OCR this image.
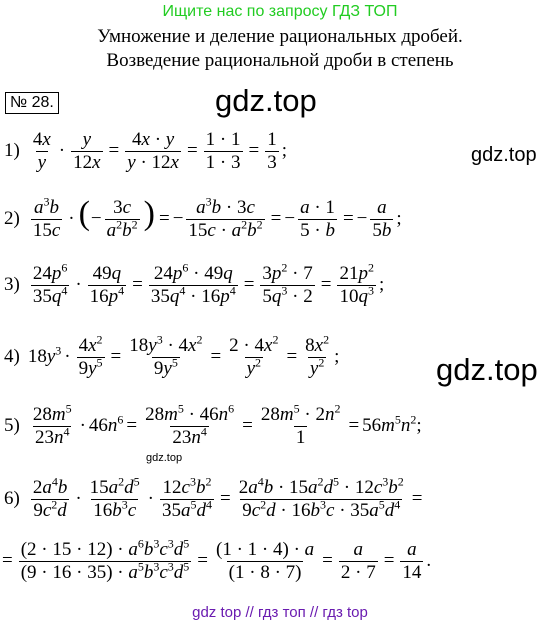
Ищите нас по запросу ГДЗ ТОП
Умножение и деление рациональных дробей.
Возведение рациональной дроби в степень
№ 28.	gdz.top
gdz.top
gdz.top
gdz.top
$1) \frac{4x}{y} \cdot \frac{y}{12x} = \frac{4x \cdot y}{y \cdot 12x} = \frac{1 \cdot 1}{1 \cdot 3} = \frac{1}{3}$ ;
$2) \frac{a^3b}{15c}$ · (− $\frac{3c}{a^2b^2}$ ) = − $\frac{a^3b \cdot 3c}{15c \cdot a^2b^2}$ = − $\frac{a \cdot 1}{5 \cdot b}$ = − $\frac{a}{5b}$ ;
$3) \frac{24p^6}{35q^4} \cdot \frac{49q}{16p^4} = \frac{24p^6 \cdot 49q}{35q^4 \cdot 16p^4} = \frac{3p^2 \cdot 7}{5q^3 \cdot 2} = \frac{21p^2}{10q^3}$ ;
4) $18y^3 \cdot \frac{4x^2}{9y^5} = \frac{18y^3 \cdot 4x^2}{9y^5} = \frac{2 \cdot 4x^2}{y^2} = \frac{8x^2}{y^2}$ ;
$5) \frac{28m^5}{23n^4} \cdot 46n^6 = \frac{28m^5 \cdot 46n^6}{23n^4} = \frac{28m^5 \cdot 2n^2}{1} = 56m^5n^2$;
$6) \frac{2a^4b}{9c^2d} \cdot \frac{15a^2d^5}{16b^3c} \cdot \frac{12c^3b^2}{35a^5d^4} = \frac{2a^4b \cdot 15a^2d^5 \cdot 12c^3b^2}{9c^2d \cdot 16b^3c \cdot 35a^5d^4}$ =
= $\frac{(2 \cdot 15 \cdot 12) \cdot a^6b^3c^3d^5}{(9 \cdot 16 \cdot 35) \cdot a^5b^3c^3d^5} = \frac{(1 \cdot 1 \cdot 4) \cdot a}{(1 \cdot 8 \cdot 7)} = \frac{a}{2 \cdot 7} = \frac{a}{14}$ .
gdz top // гдз топ // гдз top
